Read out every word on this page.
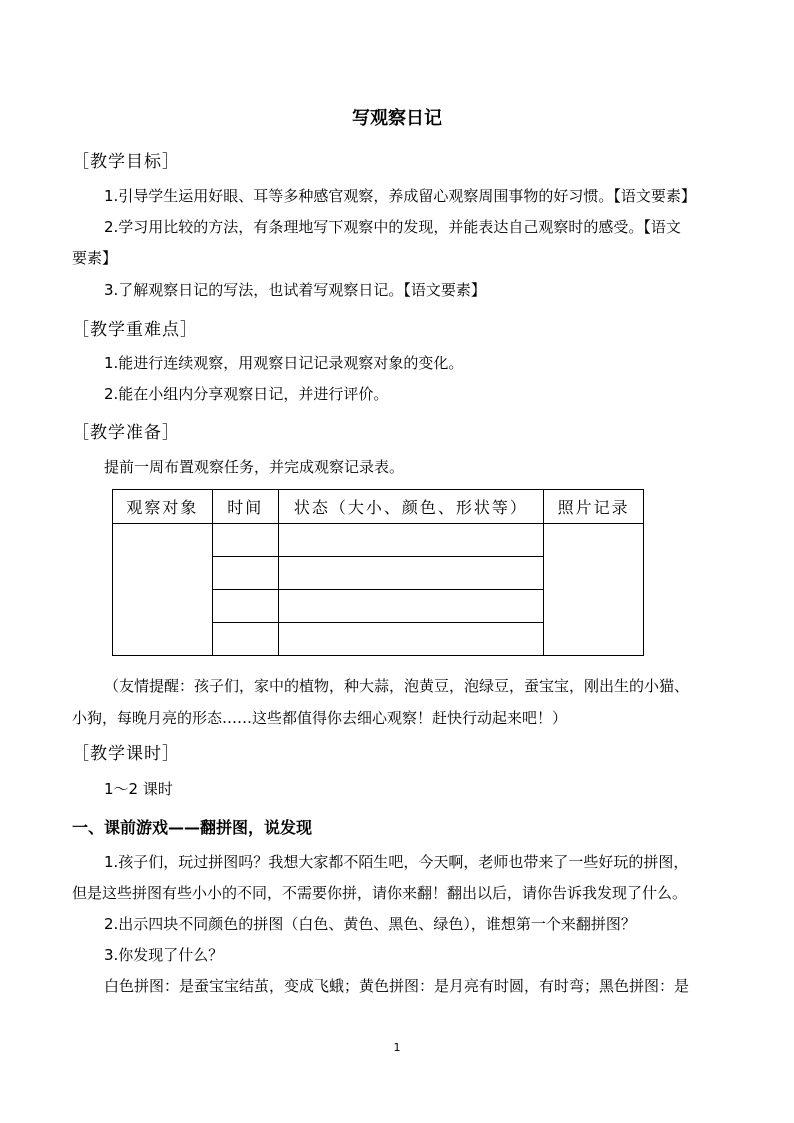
写观察日记
［教学目标］
1.引导学生运用好眼、耳等多种感官观察，养成留心观察周围事物的好习惯。【语文要素】
2.学习用比较的方法，有条理地写下观察中的发现，并能表达自己观察时的感受。【语文
要素】
3.了解观察日记的写法，也试着写观察日记。【语文要素】
［教学重难点］
1.能进行连续观察，用观察日记记录观察对象的变化。
2.能在小组内分享观察日记，并进行评价。
［教学准备］
提前一周布置观察任务，并完成观察记录表。
观察对象	时间	状态（大小、颜色、形状等）	照片记录

（友情提醒：孩子们，家中的植物，种大蒜，泡黄豆，泡绿豆，蚕宝宝，刚出生的小猫、
小狗，每晚月亮的形态……这些都值得你去细心观察！赶快行动起来吧！）
［教学课时］
1～2 课时
一、课前游戏——翻拼图，说发现
1.孩子们，玩过拼图吗？我想大家都不陌生吧，今天啊，老师也带来了一些好玩的拼图，
但是这些拼图有些小小的不同，不需要你拼，请你来翻！翻出以后，请你告诉我发现了什么。
2.出示四块不同颜色的拼图（白色、黄色、黑色、绿色），谁想第一个来翻拼图？
3.你发现了什么？
白色拼图：是蚕宝宝结茧，变成飞蛾；黄色拼图：是月亮有时圆，有时弯；黑色拼图：是
1
